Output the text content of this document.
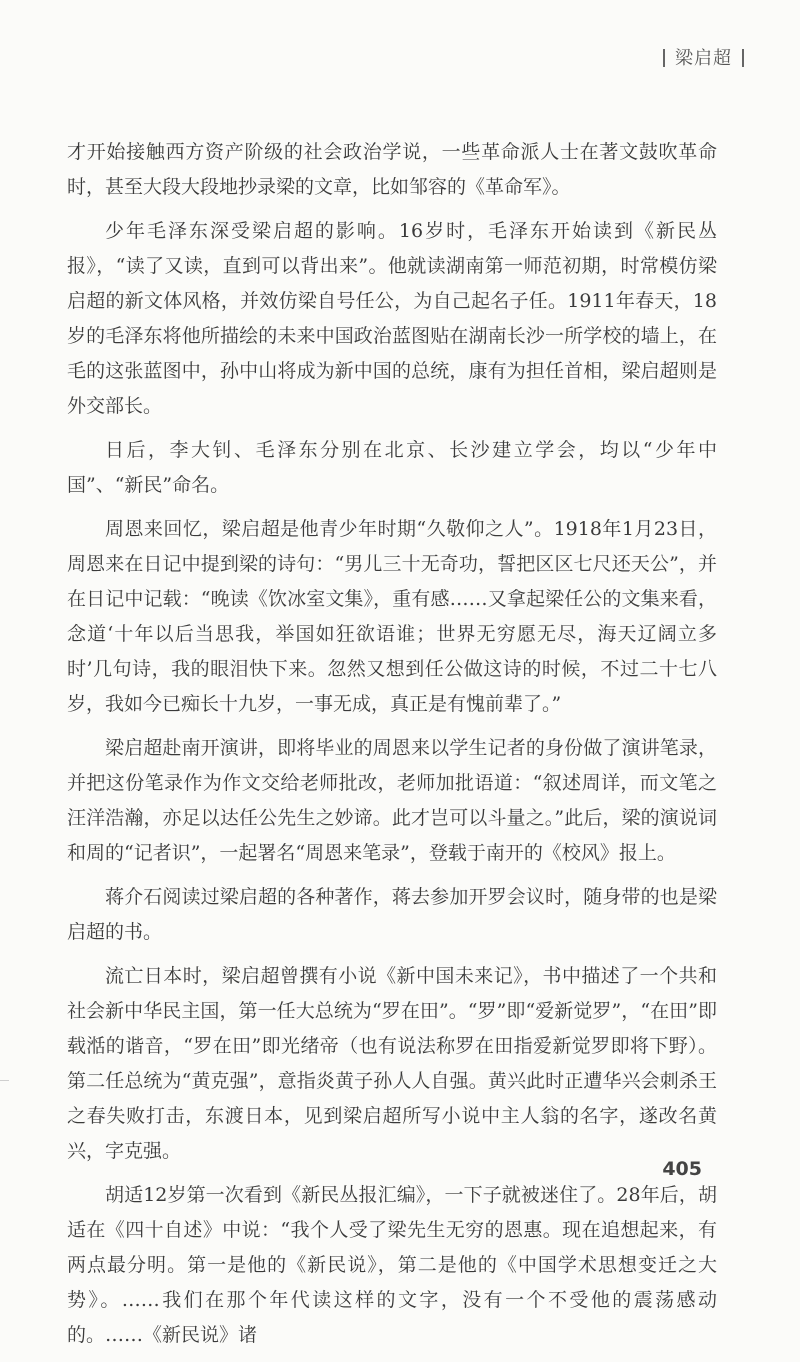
梁启超

才开始接触西方资产阶级的社会政治学说，一些革命派人士在著文鼓吹革命时，甚至大段大段地抄录梁的文章，比如邹容的《革命军》。

少年毛泽东深受梁启超的影响。16岁时，毛泽东开始读到《新民丛报》，“读了又读，直到可以背出来”。他就读湖南第一师范初期，时常模仿梁启超的新文体风格，并效仿梁自号任公，为自己起名子任。1911年春天，18岁的毛泽东将他所描绘的未来中国政治蓝图贴在湖南长沙一所学校的墙上，在毛的这张蓝图中，孙中山将成为新中国的总统，康有为担任首相，梁启超则是外交部长。

日后，李大钊、毛泽东分别在北京、长沙建立学会，均以“少年中国”、“新民”命名。

周恩来回忆，梁启超是他青少年时期“久敬仰之人”。1918年1月23日，周恩来在日记中提到梁的诗句：“男儿三十无奇功，誓把区区七尺还天公”，并在日记中记载：“晚读《饮冰室文集》，重有感……又拿起梁任公的文集来看，念道‘十年以后当思我，举国如狂欲语谁；世界无穷愿无尽，海天辽阔立多时’几句诗，我的眼泪快下来。忽然又想到任公做这诗的时候，不过二十七八岁，我如今已痴长十九岁，一事无成，真正是有愧前辈了。”

梁启超赴南开演讲，即将毕业的周恩来以学生记者的身份做了演讲笔录，并把这份笔录作为作文交给老师批改，老师加批语道：“叙述周详，而文笔之汪洋浩瀚，亦足以达任公先生之妙谛。此才岂可以斗量之。”此后，梁的演说词和周的“记者识”，一起署名“周恩来笔录”，登载于南开的《校风》报上。

蒋介石阅读过梁启超的各种著作，蒋去参加开罗会议时，随身带的也是梁启超的书。

流亡日本时，梁启超曾撰有小说《新中国未来记》，书中描述了一个共和社会新中华民主国，第一任大总统为“罗在田”。“罗”即“爱新觉罗”，“在田”即载湉的谐音，“罗在田”即光绪帝（也有说法称罗在田指爱新觉罗即将下野）。第二任总统为“黄克强”，意指炎黄子孙人人自强。黄兴此时正遭华兴会刺杀王之春失败打击，东渡日本，见到梁启超所写小说中主人翁的名字，遂改名黄兴，字克强。

胡适12岁第一次看到《新民丛报汇编》，一下子就被迷住了。28年后，胡适在《四十自述》中说：“我个人受了梁先生无穷的恩惠。现在追想起来，有两点最分明。第一是他的《新民说》，第二是他的《中国学术思想变迁之大势》。……我们在那个年代读这样的文字，没有一个不受他的震荡感动的。……《新民说》诸

405
